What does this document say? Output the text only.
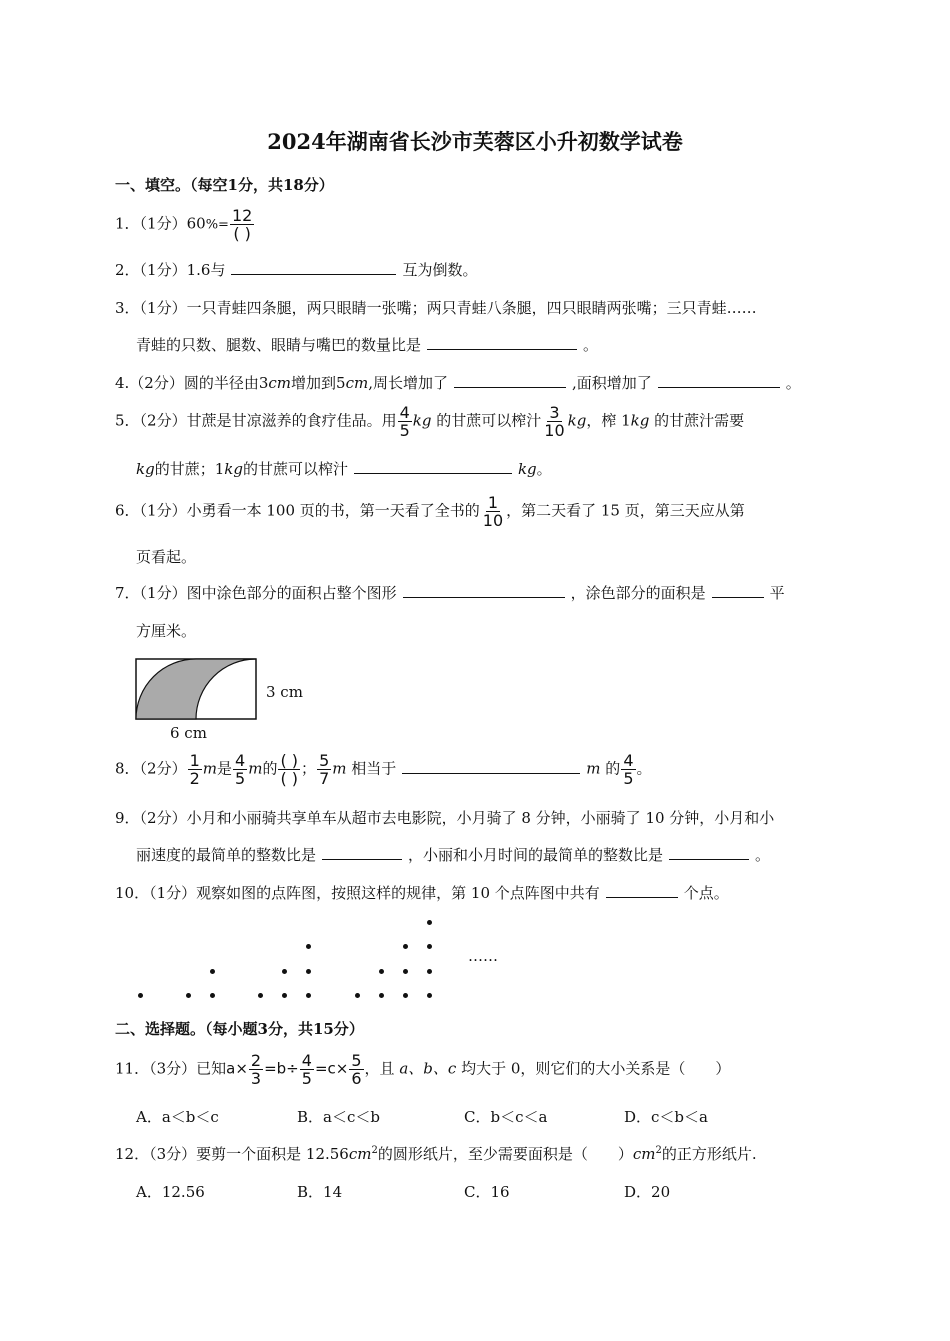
2024年湖南省长沙市芙蓉区小升初数学试卷
一、填空。（每空1分，共18分）
1．（1分）$60\%= \frac{12}{( )}$
2．（1分）1.6与	互为倒数。
3．（1分）一只青蛙四条腿，两只眼睛一张嘴；两只青蛙八条腿，四只眼睛两张嘴；三只青蛙……
青蛙的只数、腿数、眼睛与嘴巴的数量比是	。
4.（2分）圆的半径由3cm增加到5cm,周长增加了	,面积增加了	。
5．（2分）甘蔗是甘凉滋养的食疗佳品。用 $\frac{4}{5}$ kg 的甘蔗可以榨汁 $\frac{3}{10}$ kg，榨 1kg 的甘蔗汁需要
kg的甘蔗；1kg的甘蔗可以榨汁	kg。
6．（1分）小勇看一本 100 页的书，第一天看了全书的 $\frac{1}{10}$ ，第二天看了 15 页，第三天应从第
页看起。
7．（1分）图中涂色部分的面积占整个图形	，涂色部分的面积是	平
方厘米。
3 cm
6 cm
8．（2分） $\frac{1}{2}$ m是 $\frac{4}{5}$ m的 $\frac{( )}{( )}$ ； $\frac{5}{7}$ m 相当于	m 的 $\frac{4}{5}$ 。
9．（2分）小月和小丽骑共享单车从超市去电影院，小月骑了 8 分钟，小丽骑了 10 分钟，小月和小
丽速度的最简单的整数比是	，小丽和小月时间的最简单的整数比是	。
10．（1分）观察如图的点阵图，按照这样的规律，第 10 个点阵图中共有	个点。
……
二、选择题。（每小题3分，共15分）
11．（3分）已知$a\times \frac{2}{3} =b\div \frac{4}{5} =c\times \frac{5}{6}$ ，且 a、b、c 均大于 0，则它们的大小关系是（　　）
A．a＜b＜c	B．a＜c＜b	C．b＜c＜a	D．c＜b＜a
12．（3分）要剪一个面积是 $12.56cm^2$的圆形纸片，至少需要面积是（　　）$cm^2$的正方形纸片.
A．12.56	B．14	C．16	D．20
